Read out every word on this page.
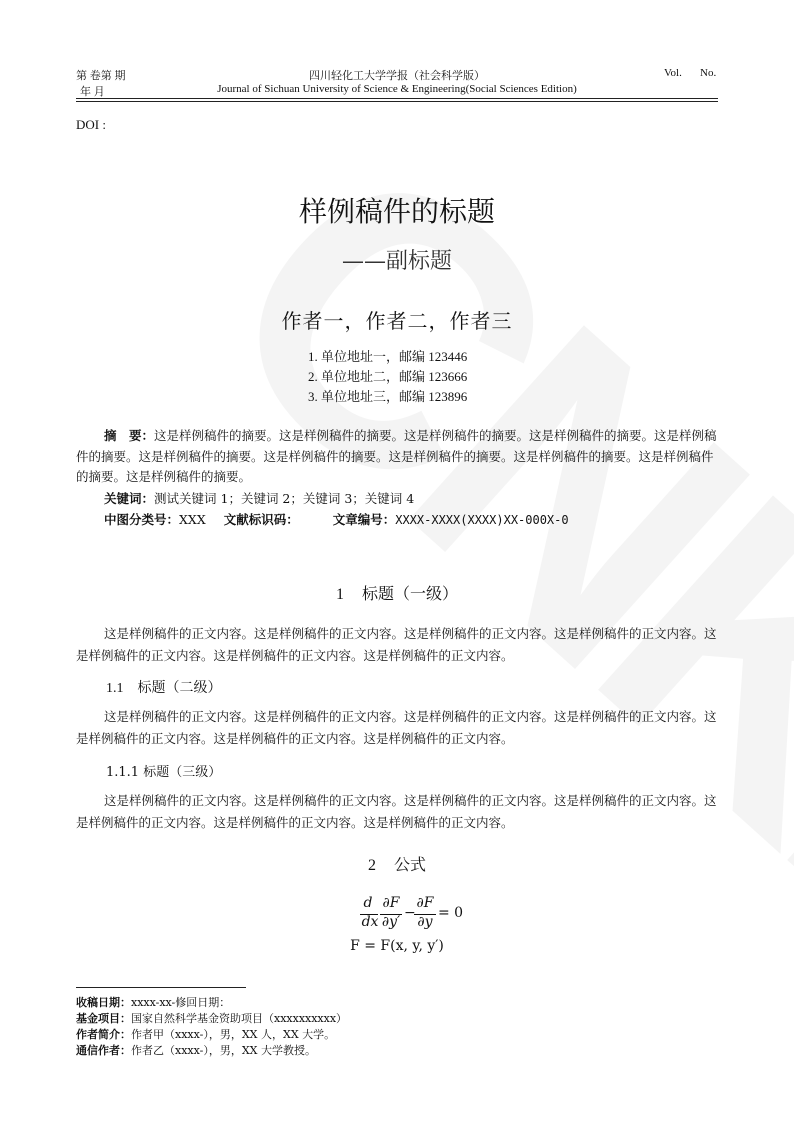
第 卷第 期
年 月
四川轻化工大学学报（社会科学版）
Journal of Sichuan University of Science & Engineering(Social Sciences Edition)
Vol. No.
DOI :
样例稿件的标题
——副标题
作者一，作者二，作者三
1. 单位地址一，邮编 123446
2. 单位地址二，邮编 123666
3. 单位地址三，邮编 123896
摘　要：这是样例稿件的摘要。这是样例稿件的摘要。这是样例稿件的摘要。这是样例稿件的摘要。这是样例稿件的摘要。这是样例稿件的摘要。这是样例稿件的摘要。这是样例稿件的摘要。这是样例稿件的摘要。这是样例稿件的摘要。这是样例稿件的摘要。
关键词：测试关键词 1；关键词 2；关键词 3；关键词 4
中图分类号：XXX 文献标识码：	文章编号：XXXX-XXXX(XXXX)XX-000X-0
1 标题（一级）
这是样例稿件的正文内容。这是样例稿件的正文内容。这是样例稿件的正文内容。这是样例稿件的正文内容。这是样例稿件的正文内容。这是样例稿件的正文内容。这是样例稿件的正文内容。
1.1 标题（二级）
这是样例稿件的正文内容。这是样例稿件的正文内容。这是样例稿件的正文内容。这是样例稿件的正文内容。这是样例稿件的正文内容。这是样例稿件的正文内容。这是样例稿件的正文内容。
1.1.1 标题（三级）
这是样例稿件的正文内容。这是样例稿件的正文内容。这是样例稿件的正文内容。这是样例稿件的正文内容。这是样例稿件的正文内容。这是样例稿件的正文内容。这是样例稿件的正文内容。
2 公式
d
dx
∂F
∂y′
−
∂F
∂y
= 0
F = F(x, y, y′)
收稿日期：xxxx-xx-修回日期：
基金项目：国家自然科学基金资助项目（xxxxxxxxxx）
作者简介：作者甲（xxxx-），男，XX 人，XX 大学。
通信作者：作者乙（xxxx-），男，XX 大学教授。
